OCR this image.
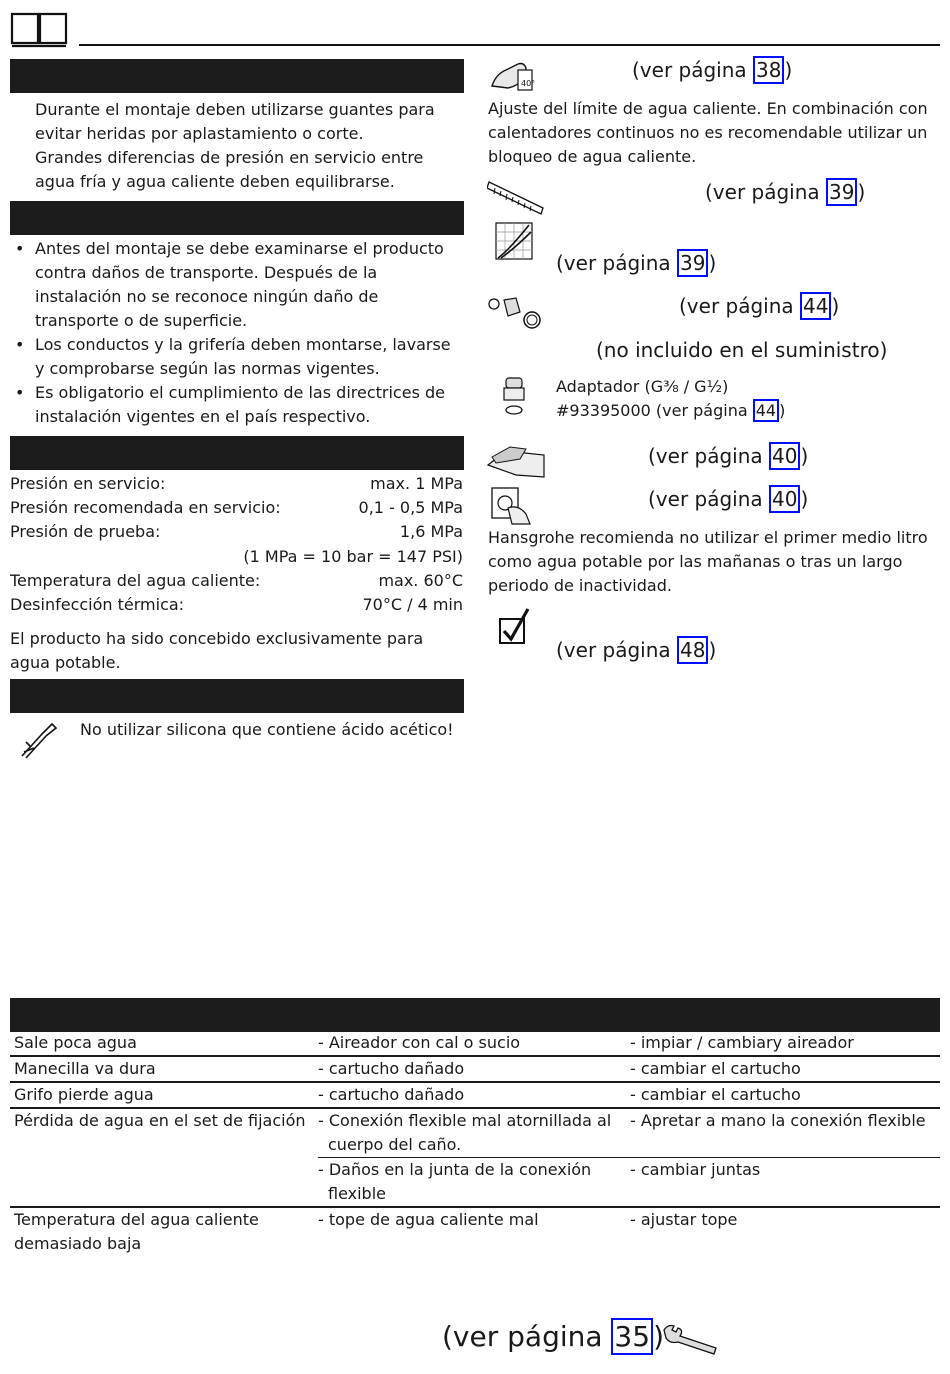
Durante el montaje deben utilizarse guantes para evitar heridas por aplastamiento o corte.
Grandes diferencias de presión en servicio entre agua fría y agua caliente deben equilibrarse.
• Antes del montaje se debe examinarse el producto contra daños de transporte. Después de la instalación no se reconoce ningún daño de transporte o de superficie.
• Los conductos y la grifería deben montarse, lavarse y comprobarse según las normas vigentes.
• Es obligatorio el cumplimiento de las directrices de instalación vigentes en el país respectivo.
Presión en servicio:	max. 1 MPa
Presión recomendada en servicio:	0,1 - 0,5 MPa
Presión de prueba:	1,6 MPa
(1 MPa = 10 bar = 147 PSI)
Temperatura del agua caliente:	max. 60°C
Desinfección térmica:	70°C / 4 min
El producto ha sido concebido exclusivamente para agua potable.
No utilizar silicona que contiene ácido acético!
40°
(ver página 38 )
Ajuste del límite de agua caliente. En combinación con calentadores continuos no es recomendable utilizar un bloqueo de agua caliente.
(ver página 39 )
(ver página 39 )
(ver página 44 )
(no incluido en el suministro)
Adaptador (G⅜ / G½)
#93395000 (ver página 44 )
(ver página 40 )
(ver página 40 )
Hansgrohe recomienda no utilizar el primer medio litro como agua potable por las mañanas o tras un largo periodo de inactividad.
(ver página 48 )
Sale poca agua	- Aireador con cal o sucio	- impiar / cambiary aireador
Manecilla va dura	- cartucho dañado	- cambiar el cartucho
Grifo pierde agua	- cartucho dañado	- cambiar el cartucho
Pérdida de agua en el set de fijación	- Conexión flexible mal atornillada al cuerpo del caño.	- Apretar a mano la conexión flexible
	- Daños en la junta de la conexión flexible	- cambiar juntas
Temperatura del agua caliente demasiado baja	- tope de agua caliente mal	- ajustar tope
(ver página 35 )
